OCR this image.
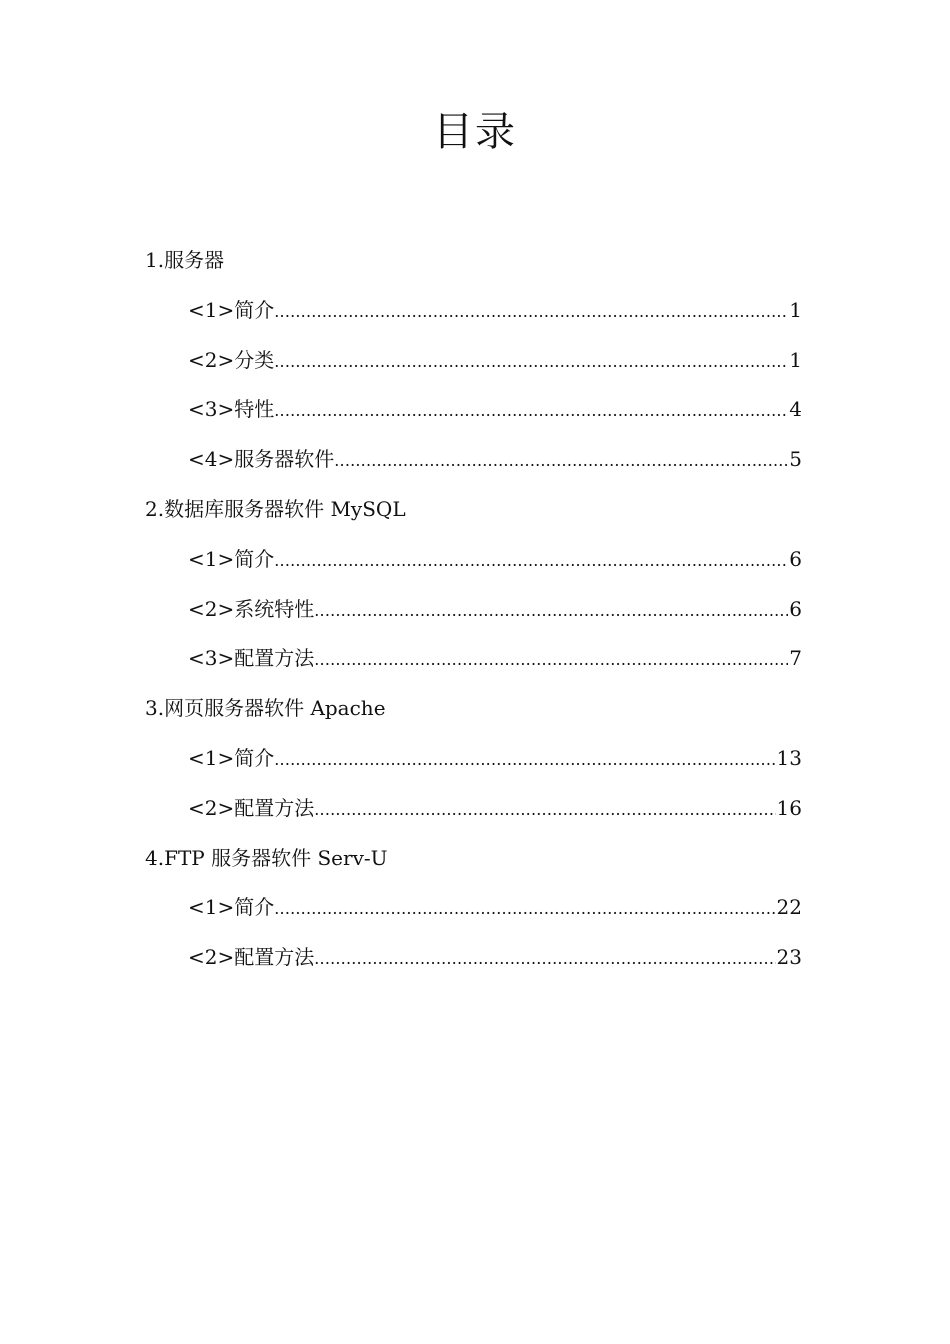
目录
1.服务器
<1>简介 .....	1
<2>分类 .....	1
<3>特性 .....	4
<4>服务器软件 .....	5
2.数据库服务器软件 MySQL
<1>简介 .....	6
<2>系统特性 .....	6
<3>配置方法 .....	7
3.网页服务器软件 Apache
<1>简介 .....	13
<2>配置方法 .....	16
4.FTP 服务器软件 Serv-U
<1>简介 .....	22
<2>配置方法 .....	23
